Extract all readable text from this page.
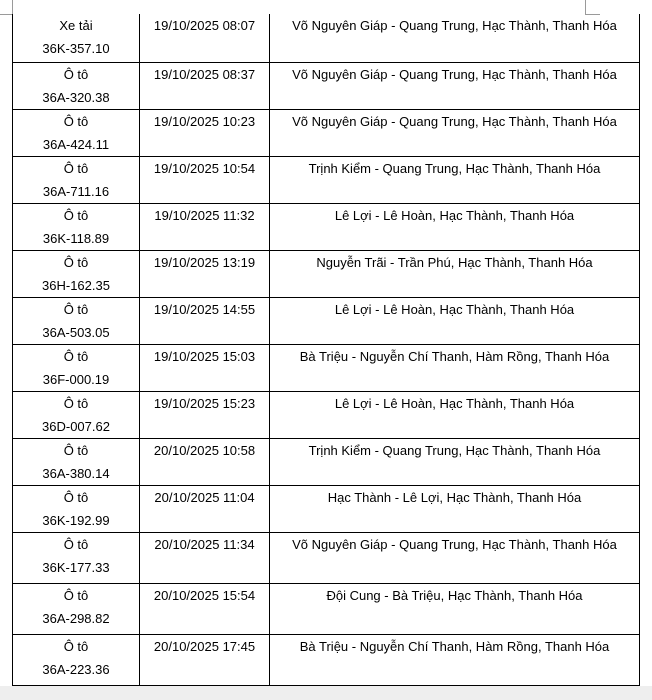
Xe tải
36K-357.10	19/10/2025 08:07	Võ Nguyên Giáp - Quang Trung, Hạc Thành, Thanh Hóa

Ô tô
36A-320.38	19/10/2025 08:37	Võ Nguyên Giáp - Quang Trung, Hạc Thành, Thanh Hóa

Ô tô
36A-424.11	19/10/2025 10:23	Võ Nguyên Giáp - Quang Trung, Hạc Thành, Thanh Hóa

Ô tô
36A-711.16	19/10/2025 10:54	Trịnh Kiểm - Quang Trung, Hạc Thành, Thanh Hóa

Ô tô
36K-118.89	19/10/2025 11:32	Lê Lợi - Lê Hoàn, Hạc Thành, Thanh Hóa

Ô tô
36H-162.35	19/10/2025 13:19	Nguyễn Trãi - Trần Phú, Hạc Thành, Thanh Hóa

Ô tô
36A-503.05	19/10/2025 14:55	Lê Lợi - Lê Hoàn, Hạc Thành, Thanh Hóa

Ô tô
36F-000.19	19/10/2025 15:03	Bà Triệu - Nguyễn Chí Thanh, Hàm Rồng, Thanh Hóa

Ô tô
36D-007.62	19/10/2025 15:23	Lê Lợi - Lê Hoàn, Hạc Thành, Thanh Hóa

Ô tô
36A-380.14	20/10/2025 10:58	Trịnh Kiểm - Quang Trung, Hạc Thành, Thanh Hóa

Ô tô
36K-192.99	20/10/2025 11:04	Hạc Thành - Lê Lợi, Hạc Thành, Thanh Hóa

Ô tô
36K-177.33	20/10/2025 11:34	Võ Nguyên Giáp - Quang Trung, Hạc Thành, Thanh Hóa

Ô tô
36A-298.82	20/10/2025 15:54	Đội Cung - Bà Triệu, Hạc Thành, Thanh Hóa

Ô tô
36A-223.36	20/10/2025 17:45	Bà Triệu - Nguyễn Chí Thanh, Hàm Rồng, Thanh Hóa
